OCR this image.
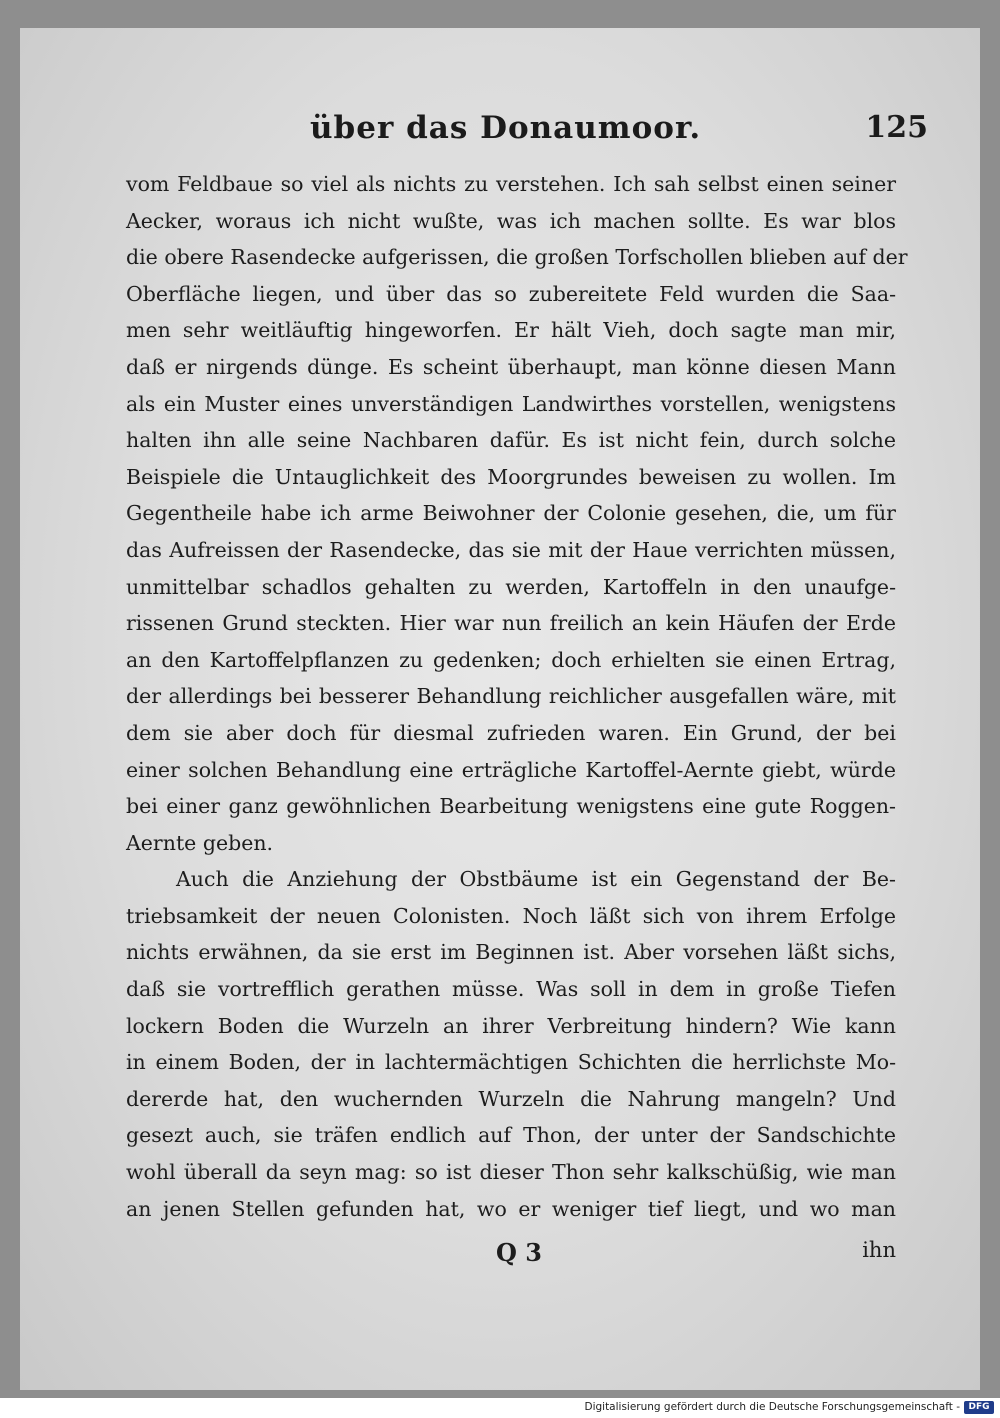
über das Donaumoor.	125
vom Feldbaue so viel als nichts zu verstehen. Ich sah selbst einen seiner
Aecker, woraus ich nicht wußte, was ich machen sollte. Es war blos
die obere Rasendecke aufgerissen, die großen Torfschollen blieben auf der
Oberfläche liegen, und über das so zubereitete Feld wurden die Saa-
men sehr weitläuftig hingeworfen. Er hält Vieh, doch sagte man mir,
daß er nirgends dünge. Es scheint überhaupt, man könne diesen Mann
als ein Muster eines unverständigen Landwirthes vorstellen, wenigstens
halten ihn alle seine Nachbaren dafür. Es ist nicht fein, durch solche
Beispiele die Untauglichkeit des Moorgrundes beweisen zu wollen. Im
Gegentheile habe ich arme Beiwohner der Colonie gesehen, die, um für
das Aufreissen der Rasendecke, das sie mit der Haue verrichten müssen,
unmittelbar schadlos gehalten zu werden, Kartoffeln in den unaufge-
rissenen Grund steckten. Hier war nun freilich an kein Häufen der Erde
an den Kartoffelpflanzen zu gedenken; doch erhielten sie einen Ertrag,
der allerdings bei besserer Behandlung reichlicher ausgefallen wäre, mit
dem sie aber doch für diesmal zufrieden waren. Ein Grund, der bei
einer solchen Behandlung eine erträgliche Kartoffel-Aernte giebt, würde
bei einer ganz gewöhnlichen Bearbeitung wenigstens eine gute Roggen-
Aernte geben.
Auch die Anziehung der Obstbäume ist ein Gegenstand der Be-
triebsamkeit der neuen Colonisten. Noch läßt sich von ihrem Erfolge
nichts erwähnen, da sie erst im Beginnen ist. Aber vorsehen läßt sichs,
daß sie vortrefflich gerathen müsse. Was soll in dem in große Tiefen
lockern Boden die Wurzeln an ihrer Verbreitung hindern? Wie kann
in einem Boden, der in lachtermächtigen Schichten die herrlichste Mo-
dererde hat, den wuchernden Wurzeln die Nahrung mangeln? Und
gesezt auch, sie träfen endlich auf Thon, der unter der Sandschichte
wohl überall da seyn mag: so ist dieser Thon sehr kalkschüßig, wie man
an jenen Stellen gefunden hat, wo er weniger tief liegt, und wo man
Q 3	ihn
Digitalisierung gefördert durch die Deutsche Forschungsgemeinschaft - DFG
